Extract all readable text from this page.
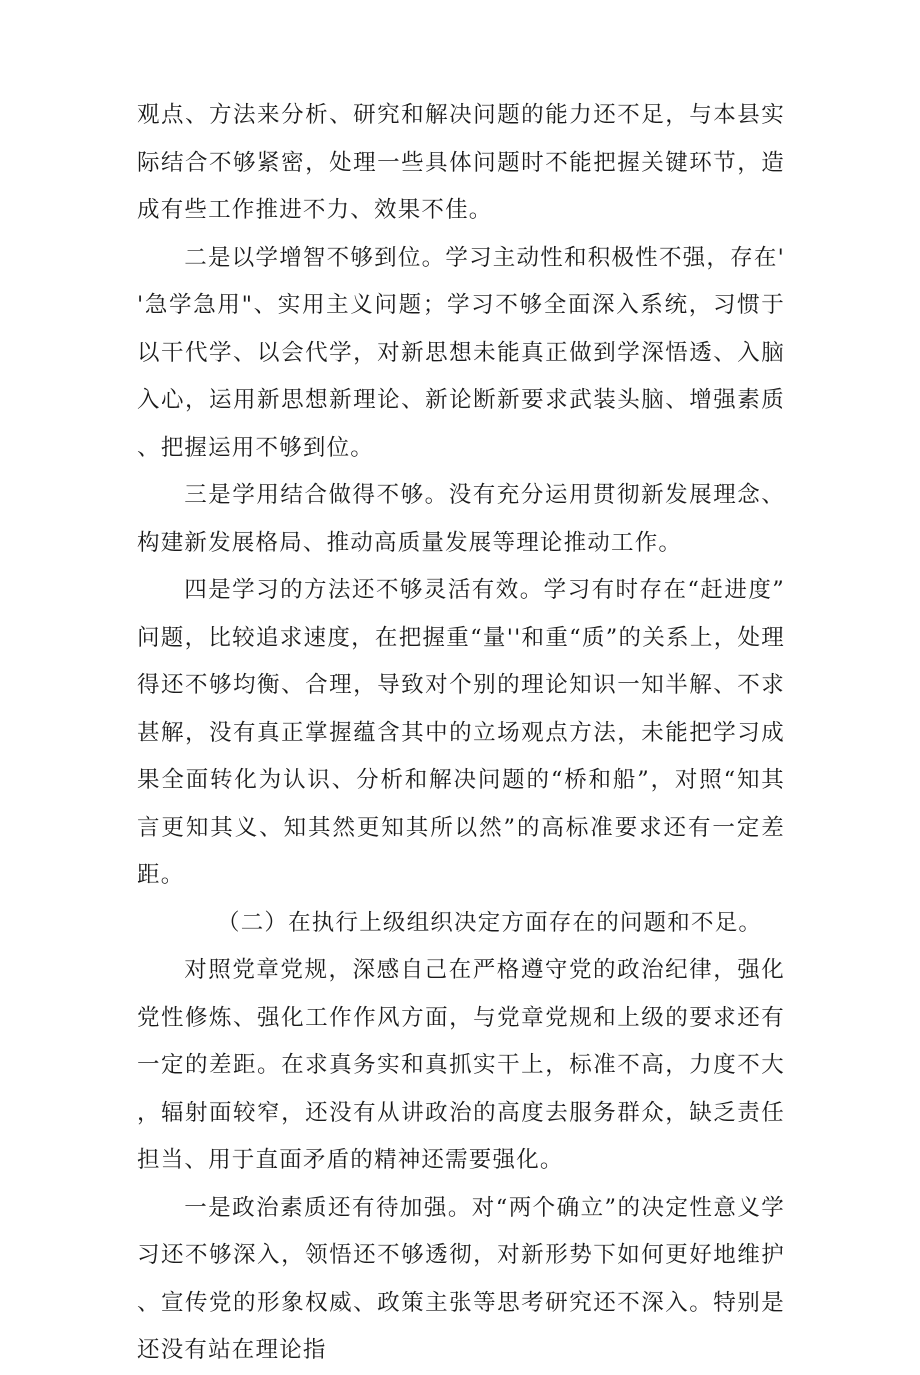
观点、方法来分析、研究和解决问题的能力还不足，与本县实际结合不够紧密，处理一些具体问题时不能把握关键环节，造成有些工作推进不力、效果不佳。

二是以学增智不够到位。学习主动性和积极性不强，存在''急学急用"、实用主义问题；学习不够全面深入系统，习惯于以干代学、以会代学，对新思想未能真正做到学深悟透、入脑入心，运用新思想新理论、新论断新要求武装头脑、增强素质、把握运用不够到位。

三是学用结合做得不够。没有充分运用贯彻新发展理念、构建新发展格局、推动高质量发展等理论推动工作。

四是学习的方法还不够灵活有效。学习有时存在“赶进度”问题，比较追求速度，在把握重“量''和重“质”的关系上，处理得还不够均衡、合理，导致对个别的理论知识一知半解、不求甚解，没有真正掌握蕴含其中的立场观点方法，未能把学习成果全面转化为认识、分析和解决问题的“桥和船”，对照“知其言更知其义、知其然更知其所以然”的高标准要求还有一定差距。

（二）在执行上级组织决定方面存在的问题和不足。

对照党章党规，深感自己在严格遵守党的政治纪律，强化党性修炼、强化工作作风方面，与党章党规和上级的要求还有一定的差距。在求真务实和真抓实干上，标准不高，力度不大，辐射面较窄，还没有从讲政治的高度去服务群众，缺乏责任担当、用于直面矛盾的精神还需要强化。

一是政治素质还有待加强。对“两个确立”的决定性意义学习还不够深入，领悟还不够透彻，对新形势下如何更好地维护、宣传党的形象权威、政策主张等思考研究还不深入。特别是还没有站在理论指
